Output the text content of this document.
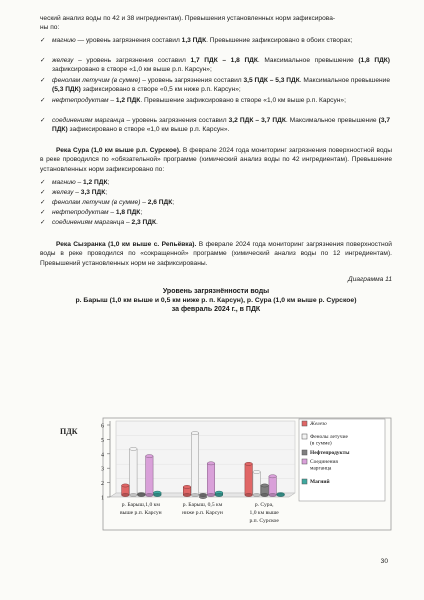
ческий анализ воды по 42 и 38 ингредиентам). Превышения установленных норм зафиксирова-
ны по:
✓ магнию — уровень загрязнения составил 1,3 ПДК. Превышение зафиксировано в обоих створах;
✓ железу – уровень загрязнения составил 1,7 ПДК – 1,8 ПДК. Максимальное превышение (1,8 ПДК) зафиксировано в створе «1,0 км выше р.п. Карсун»;
✓ фенолам летучим (в сумме) – уровень загрязнения составил 3,5 ПДК – 5,3 ПДК. Максимальное превышение (5,3 ПДК) зафиксировано в створе «0,5 км ниже р.п. Карсун»;
✓ нефтепродуктам – 1,2 ПДК. Превышение зафиксировано в створе «1,0 км выше р.п. Карсун»;
✓ соединениям марганца – уровень загрязнения составил 3,2 ПДК – 3,7 ПДК. Максимальное превышение (3,7 ПДК) зафиксировано в створе «1,0 км выше р.п. Карсун».
Река Сура (1,0 км выше р.п. Сурское). В феврале 2024 года мониторинг загрязнения поверхностной воды в реке проводился по «обязательной» программе (химический анализ воды по 42 ингредиентам). Превышение установленных норм зафиксировано по:
✓ магнию – 1,2 ПДК;
✓ железу – 3,3 ПДК;
✓ фенолам летучим (в сумме) – 2,6 ПДК;
✓ нефтепродуктам – 1,8 ПДК;
✓ соединениям марганца – 2,3 ПДК.
Река Сызранка (1,0 км выше с. Репьёвка). В феврале 2024 года мониторинг загрязнения поверхностной воды в реке проводился по «сокращенной» программе (химический анализ воды по 12 ингредиентам). Превышений установленных норм не зафиксированы.
Диаграмма 11
Уровень загрязнённости воды
р. Барыш (1,0 км выше и 0,5 км ниже р. п. Карсун), р. Сура (1,0 км выше р. Сурское)
за февраль 2024 г., в ПДК
ПДК
1
2
3
4
5
6
р. Барыш,1,0 км
выше р.п. Карсун
р. Барыш, 0,5 км
ниже р.п. Карсун
р. Сура,
1,0 км выше
р.п. Сурское
Железо
Фенолы летучие
(в сумме)
Нефтепродукты
Соединения
марганца
Магний
30
